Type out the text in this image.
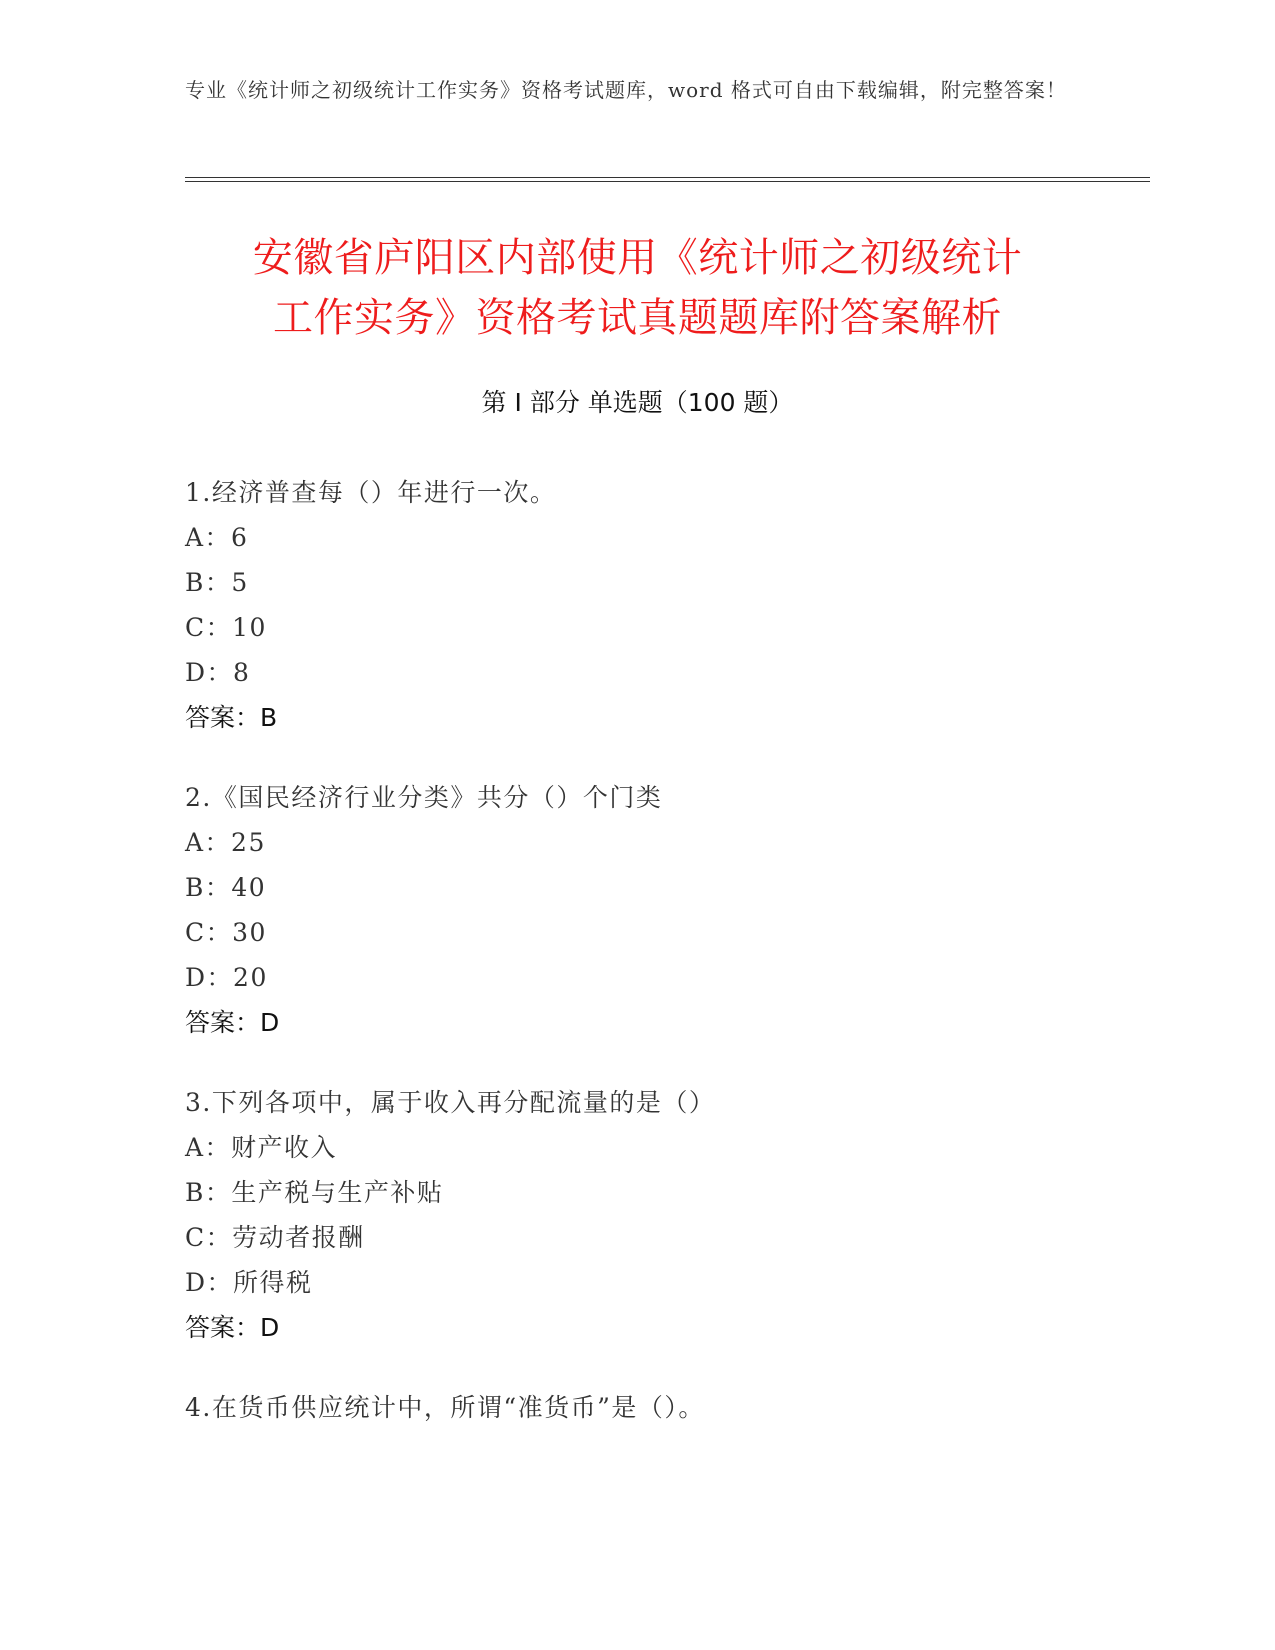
专业《统计师之初级统计工作实务》资格考试题库，word 格式可自由下载编辑，附完整答案！
安徽省庐阳区内部使用《统计师之初级统计
工作实务》资格考试真题题库附答案解析
第 I 部分 单选题（100 题）
1.经济普查每（）年进行一次。
A：6
B：5
C：10
D：8
答案：B
2.《国民经济行业分类》共分（）个门类
A：25
B：40
C：30
D：20
答案：D
3.下列各项中，属于收入再分配流量的是（）
A：财产收入
B：生产税与生产补贴
C：劳动者报酬
D：所得税
答案：D
4.在货币供应统计中，所谓“准货币”是（）。
